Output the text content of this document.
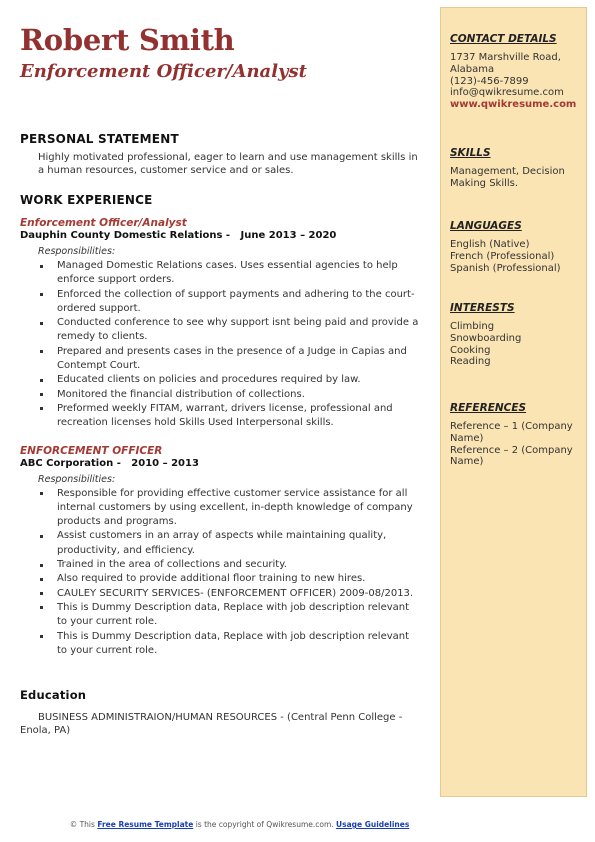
Robert Smith
Enforcement Officer/Analyst
PERSONAL STATEMENT
Highly motivated professional, eager to learn and use management skills in a human resources, customer service and or sales.
WORK EXPERIENCE
Enforcement Officer/Analyst
Dauphin County Domestic Relations -   June 2013 – 2020
Responsibilities:
Managed Domestic Relations cases. Uses essential agencies to help enforce support orders.
Enforced the collection of support payments and adhering to the court-ordered support.
Conducted conference to see why support isnt being paid and provide a remedy to clients.
Prepared and presents cases in the presence of a Judge in Capias and Contempt Court.
Educated clients on policies and procedures required by law.
Monitored the financial distribution of collections.
Preformed weekly FITAM, warrant, drivers license, professional and recreation licenses hold Skills Used Interpersonal skills.
ENFORCEMENT OFFICER
ABC Corporation -   2010 – 2013
Responsibilities:
Responsible for providing effective customer service assistance for all internal customers by using excellent, in-depth knowledge of company products and programs.
Assist customers in an array of aspects while maintaining quality, productivity, and efficiency.
Trained in the area of collections and security.
Also required to provide additional floor training to new hires.
CAULEY SECURITY SERVICES- (ENFORCEMENT OFFICER) 2009-08/2013.
This is Dummy Description data, Replace with job description relevant to your current role.
This is Dummy Description data, Replace with job description relevant to your current role.
Education
BUSINESS ADMINISTRAION/HUMAN RESOURCES - (Central Penn College - Enola, PA)
CONTACT DETAILS
1737 Marshville Road, Alabama
(123)-456-7899
info@qwikresume.com
www.qwikresume.com
SKILLS
Management, Decision Making Skills.
LANGUAGES
English (Native)
French (Professional)
Spanish (Professional)
INTERESTS
Climbing
Snowboarding
Cooking
Reading
REFERENCES
Reference – 1 (Company Name)
Reference – 2 (Company Name)
© This Free Resume Template is the copyright of Qwikresume.com. Usage Guidelines
